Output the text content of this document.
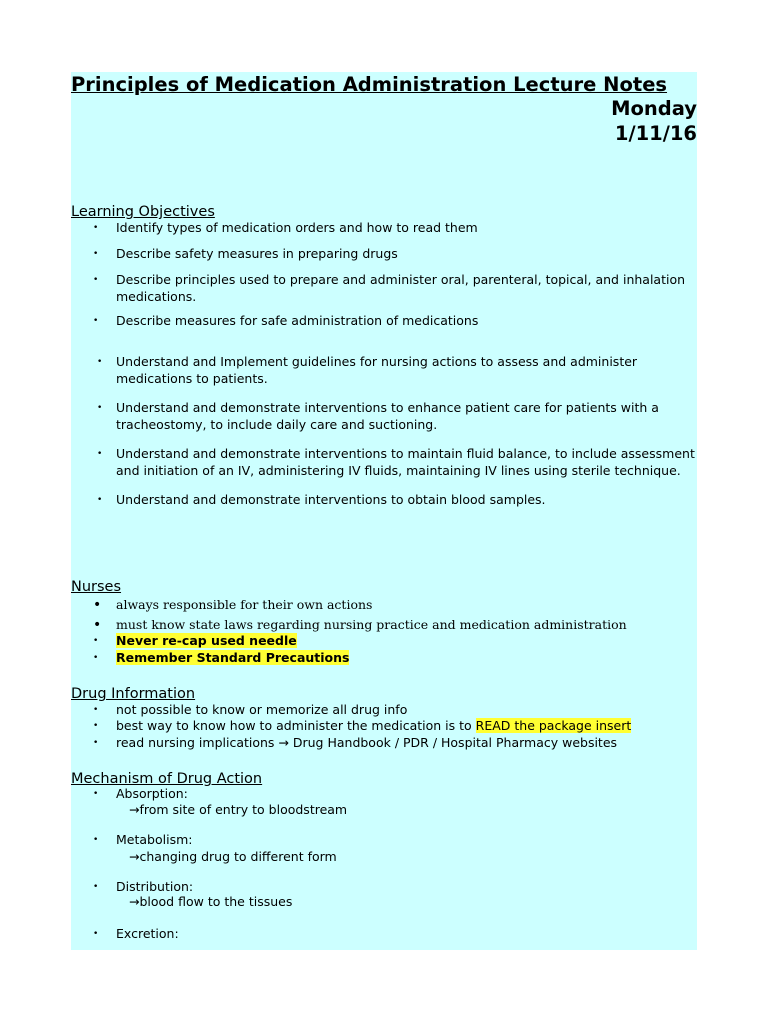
Principles of Medication Administration Lecture Notes
Monday
1/11/16
Learning Objectives
• Identify types of medication orders and how to read them
• Describe safety measures in preparing drugs
• Describe principles used to prepare and administer oral, parenteral, topical, and inhalation medications.
• Describe measures for safe administration of medications
• Understand and Implement guidelines for nursing actions to assess and administer medications to patients.
• Understand and demonstrate interventions to enhance patient care for patients with a tracheostomy, to include daily care and suctioning.
• Understand and demonstrate interventions to maintain fluid balance, to include assessment and initiation of an IV, administering IV fluids, maintaining IV lines using sterile technique.
• Understand and demonstrate interventions to obtain blood samples.
Nurses
• always responsible for their own actions
• must know state laws regarding nursing practice and medication administration
• Never re-cap used needle
• Remember Standard Precautions
Drug Information
• not possible to know or memorize all drug info
• best way to know how to administer the medication is to READ the package insert
• read nursing implications → Drug Handbook / PDR / Hospital Pharmacy websites
Mechanism of Drug Action
• Absorption:
→from site of entry to bloodstream
• Metabolism:
→changing drug to different form
• Distribution:
→blood flow to the tissues
• Excretion:
